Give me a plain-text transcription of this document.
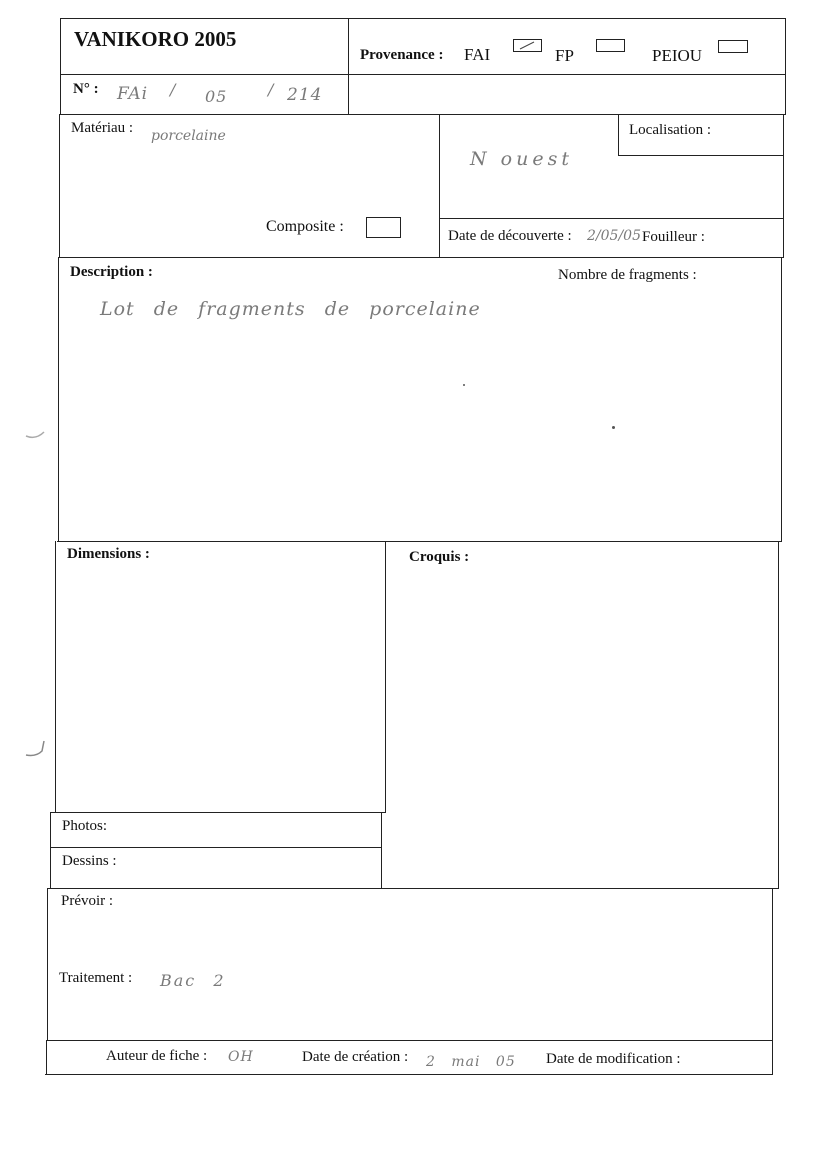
VANIKORO 2005
Provenance : FAI	FP	PEIOU
N° : FAi / 05	/ 214
Matériau : porcelaine
Composite :
Localisation :
N ouest
Date de découverte : 2/05/05 Fouilleur :
Description :	Nombre de fragments :
Lot de fragments de porcelaine
Dimensions :	Croquis :
Photos:
Dessins :
Prévoir :
Traitement : Bac 2
Auteur de fiche : OH	Date de création : 2 mai 05 Date de modification :
